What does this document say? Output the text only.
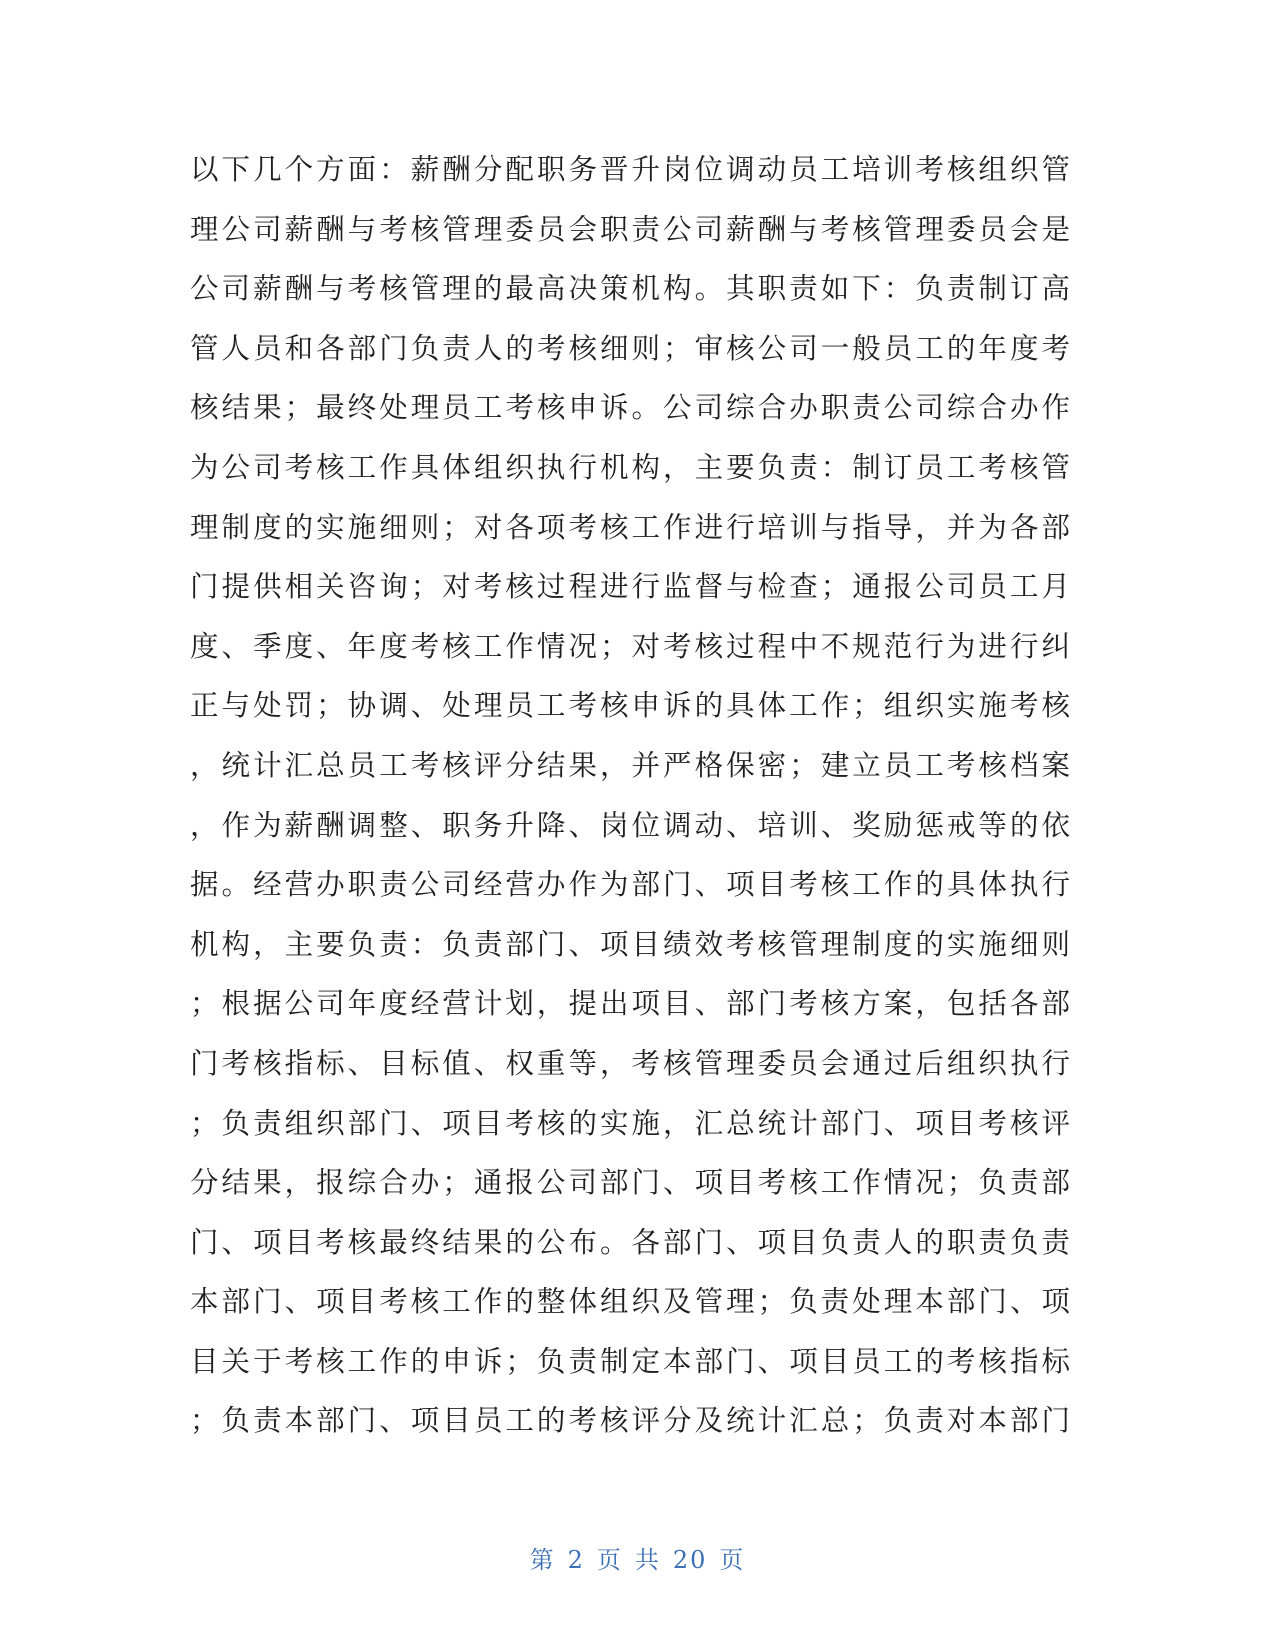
以下几个方面：薪酬分配职务晋升岗位调动员工培训考核组织管
理公司薪酬与考核管理委员会职责公司薪酬与考核管理委员会是
公司薪酬与考核管理的最高决策机构。其职责如下：负责制订高
管人员和各部门负责人的考核细则；审核公司一般员工的年度考
核结果；最终处理员工考核申诉。公司综合办职责公司综合办作
为公司考核工作具体组织执行机构，主要负责：制订员工考核管
理制度的实施细则；对各项考核工作进行培训与指导，并为各部
门提供相关咨询；对考核过程进行监督与检查；通报公司员工月
度、季度、年度考核工作情况；对考核过程中不规范行为进行纠
正与处罚；协调、处理员工考核申诉的具体工作；组织实施考核
，统计汇总员工考核评分结果，并严格保密；建立员工考核档案
，作为薪酬调整、职务升降、岗位调动、培训、奖励惩戒等的依
据。经营办职责公司经营办作为部门、项目考核工作的具体执行
机构，主要负责：负责部门、项目绩效考核管理制度的实施细则
；根据公司年度经营计划，提出项目、部门考核方案，包括各部
门考核指标、目标值、权重等，考核管理委员会通过后组织执行
；负责组织部门、项目考核的实施，汇总统计部门、项目考核评
分结果，报综合办；通报公司部门、项目考核工作情况；负责部
门、项目考核最终结果的公布。各部门、项目负责人的职责负责
本部门、项目考核工作的整体组织及管理；负责处理本部门、项
目关于考核工作的申诉；负责制定本部门、项目员工的考核指标
；负责本部门、项目员工的考核评分及统计汇总；负责对本部门
第 2 页 共 20 页
